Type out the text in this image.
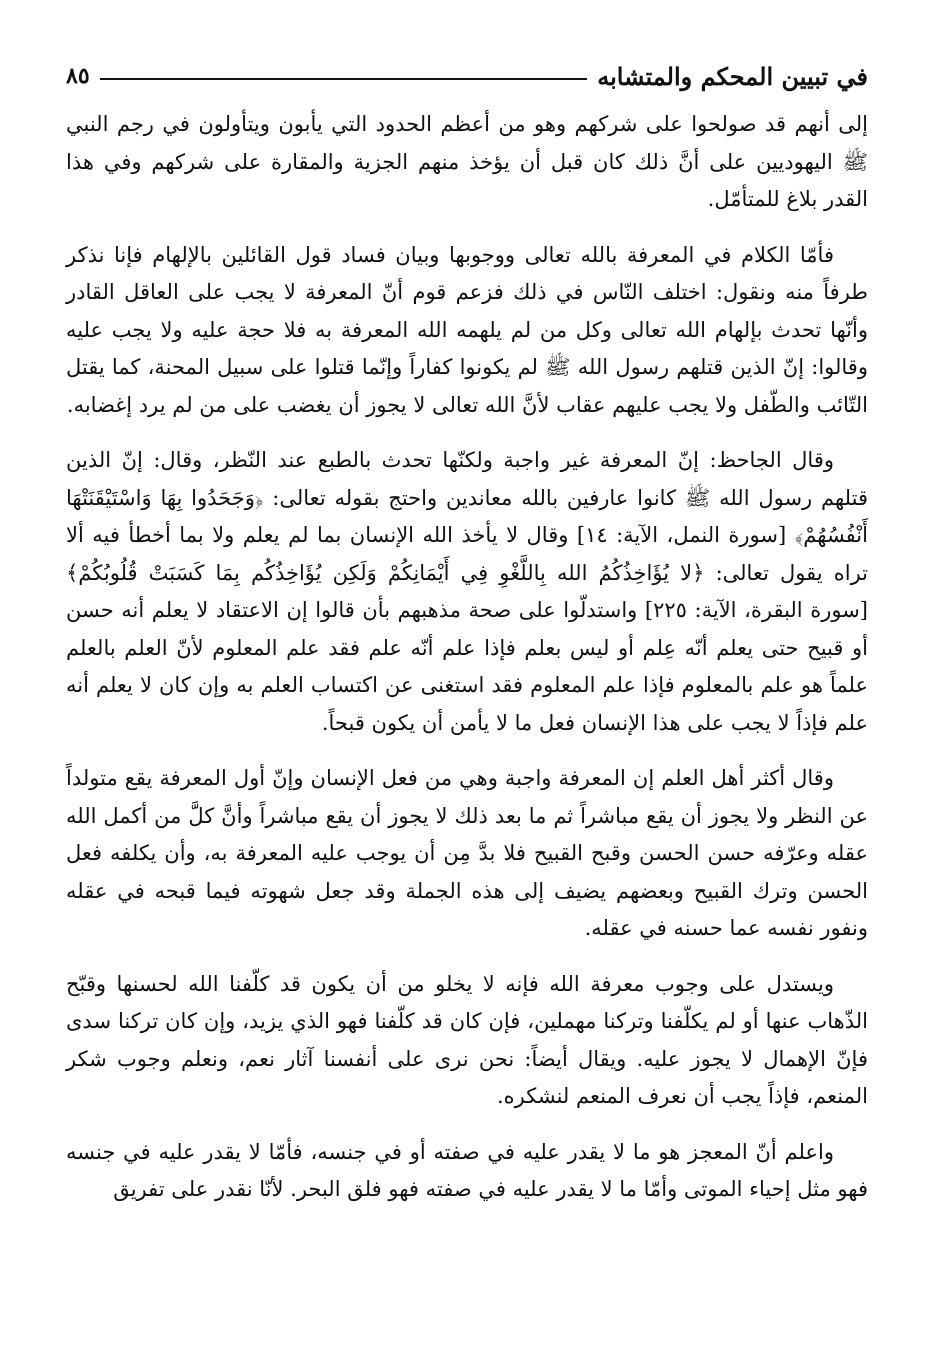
في تبيين المحكم والمتشابه
٨٥

إلى أنهم قد صولحوا على شركهم وهو من أعظم الحدود التي يأبون ويتأولون في رجم النبي ﷺ اليهوديين على أنَّ ذلك كان قبل أن يؤخذ منهم الجزية والمقارة على شركهم وفي هذا القدر بلاغ للمتأمّل.

فأمّا الكلام في المعرفة بالله تعالى ووجوبها وبيان فساد قول القائلين بالإلهام فإنا نذكر طرفاً منه ونقول: اختلف النّاس في ذلك فزعم قوم أنّ المعرفة لا يجب على العاقل القادر وأنّها تحدث بإلهام الله تعالى وكل من لم يلهمه الله المعرفة به فلا حجة عليه ولا يجب عليه وقالوا: إنّ الذين قتلهم رسول الله ﷺ لم يكونوا كفاراً وإنّما قتلوا على سبيل المحنة، كما يقتل التّائب والطّفل ولا يجب عليهم عقاب لأنَّ الله تعالى لا يجوز أن يغضب على من لم يرد إغضابه.

وقال الجاحظ: إنّ المعرفة غير واجبة ولكنّها تحدث بالطبع عند النّظر، وقال: إنّ الذين قتلهم رسول الله ﷺ كانوا عارفين بالله معاندين واحتج بقوله تعالى: ﴿وَجَحَدُوا بِهَا وَاسْتَيْقَنَتْهَا أَنْفُسُهُمْ﴾ [سورة النمل، الآية: ١٤] وقال لا يأخذ الله الإنسان بما لم يعلم ولا بما أخطأ فيه ألا تراه يقول تعالى: ﴿لا يُؤَاخِذُكُمُ الله بِاللَّغْوِ فِي أَيْمَانِكُمْ وَلَكِن يُؤَاخِذُكُم بِمَا كَسَبَتْ قُلُوبُكُمْ﴾ [سورة البقرة، الآية: ٢٢٥] واستدلّوا على صحة مذهبهم بأن قالوا إن الاعتقاد لا يعلم أنه حسن أو قبيح حتى يعلم أنّه عِلم أو ليس بعلم فإذا علم أنّه علم فقد علم المعلوم لأنّ العلم بالعلم علماً هو علم بالمعلوم فإذا علم المعلوم فقد استغنى عن اكتساب العلم به وإن كان لا يعلم أنه علم فإذاً لا يجب على هذا الإنسان فعل ما لا يأمن أن يكون قبحاً.

وقال أكثر أهل العلم إن المعرفة واجبة وهي من فعل الإنسان وإنّ أول المعرفة يقع متولداً عن النظر ولا يجوز أن يقع مباشراً ثم ما بعد ذلك لا يجوز أن يقع مباشراً وأنَّ كلَّ من أكمل الله عقله وعرّفه حسن الحسن وقبح القبيح فلا بدَّ مِن أن يوجب عليه المعرفة به، وأن يكلفه فعل الحسن وترك القبيح وبعضهم يضيف إلى هذه الجملة وقد جعل شهوته فيما قبحه في عقله ونفور نفسه عما حسنه في عقله.

ويستدل على وجوب معرفة الله فإنه لا يخلو من أن يكون قد كلّفنا الله لحسنها وقبّح الذّهاب عنها أو لم يكلّفنا وتركنا مهملين، فإن كان قد كلّفنا فهو الذي يزيد، وإن كان تركنا سدى فإنّ الإهمال لا يجوز عليه. ويقال أيضاً: نحن نرى على أنفسنا آثار نعم، ونعلم وجوب شكر المنعم، فإذاً يجب أن نعرف المنعم لنشكره.

واعلم أنّ المعجز هو ما لا يقدر عليه في صفته أو في جنسه، فأمّا لا يقدر عليه في جنسه فهو مثل إحياء الموتى وأمّا ما لا يقدر عليه في صفته فهو فلق البحر. لأنّا نقدر على تفريق
